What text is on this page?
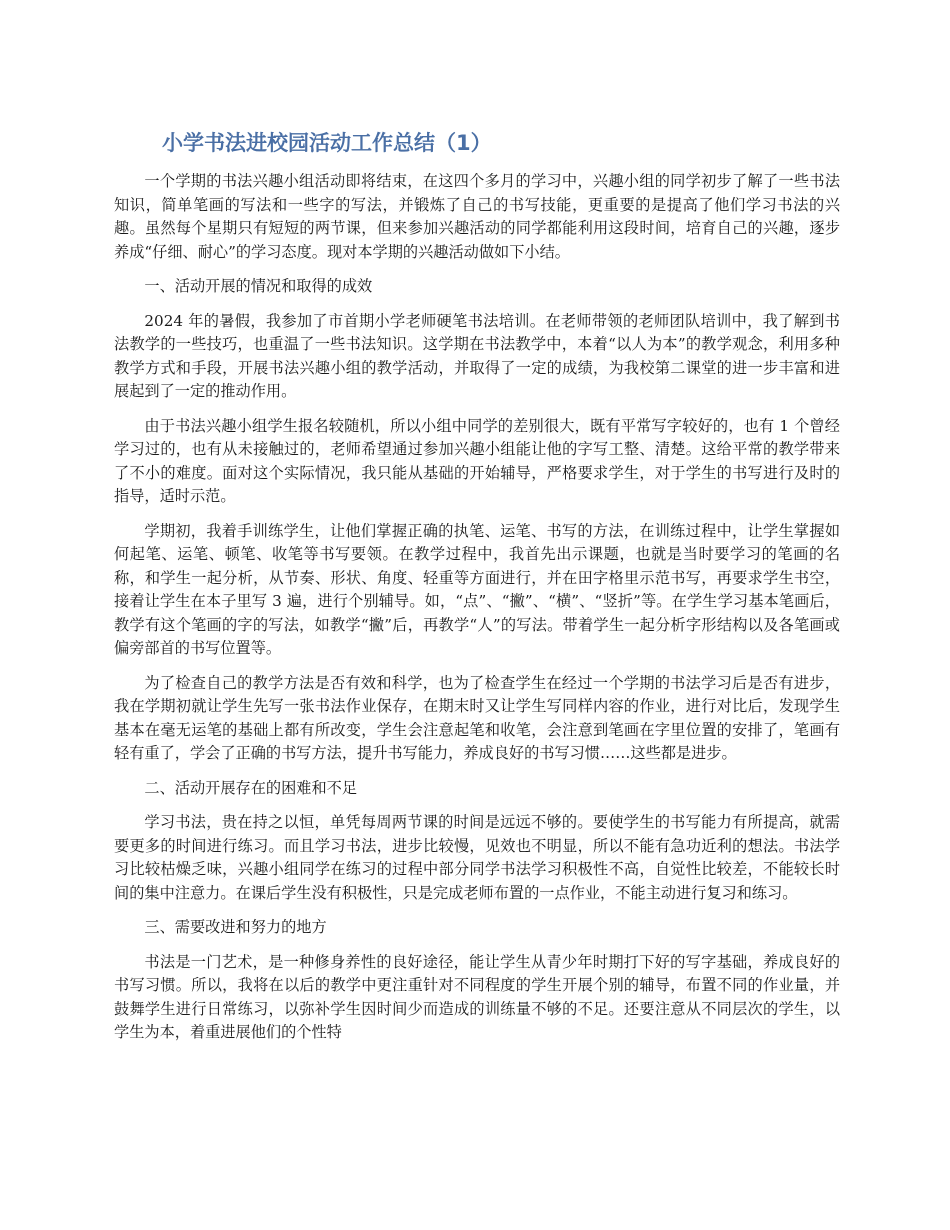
小学书法进校园活动工作总结（1）

一个学期的书法兴趣小组活动即将结束，在这四个多月的学习中，兴趣小组的同学初步了解了一些书法知识，简单笔画的写法和一些字的写法，并锻炼了自己的书写技能，更重要的是提高了他们学习书法的兴趣。虽然每个星期只有短短的两节课，但来参加兴趣活动的同学都能利用这段时间，培育自己的兴趣，逐步养成“仔细、耐心”的学习态度。现对本学期的兴趣活动做如下小结。

一、活动开展的情况和取得的成效

2024 年的暑假，我参加了市首期小学老师硬笔书法培训。在老师带领的老师团队培训中，我了解到书法教学的一些技巧，也重温了一些书法知识。这学期在书法教学中，本着“以人为本”的教学观念，利用多种教学方式和手段，开展书法兴趣小组的教学活动，并取得了一定的成绩，为我校第二课堂的进一步丰富和进展起到了一定的推动作用。

由于书法兴趣小组学生报名较随机，所以小组中同学的差别很大，既有平常写字较好的，也有 1 个曾经学习过的，也有从未接触过的，老师希望通过参加兴趣小组能让他的字写工整、清楚。这给平常的教学带来了不小的难度。面对这个实际情况，我只能从基础的开始辅导，严格要求学生，对于学生的书写进行及时的指导，适时示范。

学期初，我着手训练学生，让他们掌握正确的执笔、运笔、书写的方法，在训练过程中，让学生掌握如何起笔、运笔、顿笔、收笔等书写要领。在教学过程中，我首先出示课题，也就是当时要学习的笔画的名称，和学生一起分析，从节奏、形状、角度、轻重等方面进行，并在田字格里示范书写，再要求学生书空，接着让学生在本子里写 3 遍，进行个别辅导。如，“点”、“撇”、“横”、“竖折”等。在学生学习基本笔画后，教学有这个笔画的字的写法，如教学“撇”后，再教学“人”的写法。带着学生一起分析字形结构以及各笔画或偏旁部首的书写位置等。

为了检查自己的教学方法是否有效和科学，也为了检查学生在经过一个学期的书法学习后是否有进步，我在学期初就让学生先写一张书法作业保存，在期末时又让学生写同样内容的作业，进行对比后，发现学生基本在毫无运笔的基础上都有所改变，学生会注意起笔和收笔，会注意到笔画在字里位置的安排了，笔画有轻有重了，学会了正确的书写方法，提升书写能力，养成良好的书写习惯……这些都是进步。

二、活动开展存在的困难和不足

学习书法，贵在持之以恒，单凭每周两节课的时间是远远不够的。要使学生的书写能力有所提高，就需要更多的时间进行练习。而且学习书法，进步比较慢，见效也不明显，所以不能有急功近利的想法。书法学习比较枯燥乏味，兴趣小组同学在练习的过程中部分同学书法学习积极性不高，自觉性比较差，不能较长时间的集中注意力。在课后学生没有积极性，只是完成老师布置的一点作业，不能主动进行复习和练习。

三、需要改进和努力的地方

书法是一门艺术，是一种修身养性的良好途径，能让学生从青少年时期打下好的写字基础，养成良好的书写习惯。所以，我将在以后的教学中更注重针对不同程度的学生开展个别的辅导，布置不同的作业量，并鼓舞学生进行日常练习，以弥补学生因时间少而造成的训练量不够的不足。还要注意从不同层次的学生，以学生为本，着重进展他们的个性特
